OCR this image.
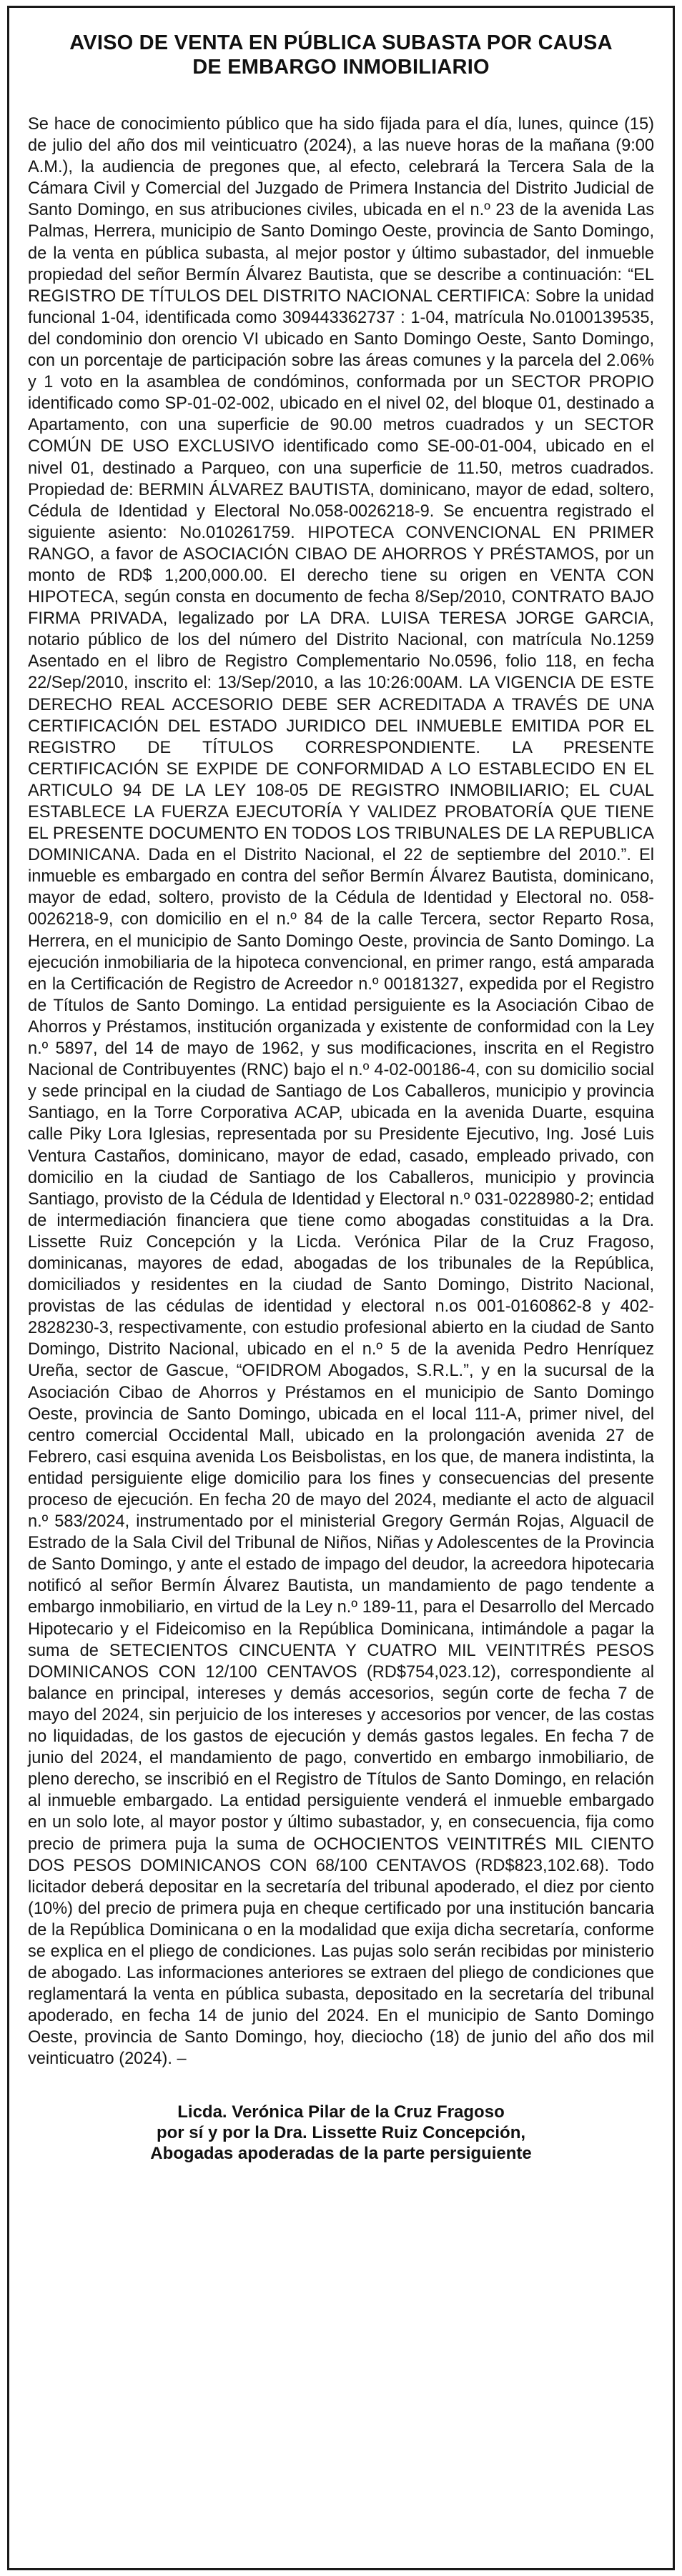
AVISO DE VENTA EN PÚBLICA SUBASTA POR CAUSA
DE EMBARGO INMOBILIARIO

Se hace de conocimiento público que ha sido fijada para el día, lunes, quince (15) de julio del año dos mil veinticuatro (2024), a las nueve horas de la mañana (9:00 A.M.), la audiencia de pregones que, al efecto, celebrará la Tercera Sala de la Cámara Civil y Comercial del Juzgado de Primera Instancia del Distrito Judicial de Santo Domingo, en sus atribuciones civiles, ubicada en el n.º 23 de la avenida Las Palmas, Herrera, municipio de Santo Domingo Oeste, provincia de Santo Domingo, de la venta en pública subasta, al mejor postor y último subastador, del inmueble propiedad del señor Bermín Álvarez Bautista, que se describe a continuación: “EL REGISTRO DE TÍTULOS DEL DISTRITO NACIONAL CERTIFICA: Sobre la unidad funcional 1-04, identificada como 309443362737 : 1-04, matrícula No.0100139535, del condominio don orencio VI ubicado en Santo Domingo Oeste, Santo Domingo, con un porcentaje de participación sobre las áreas comunes y la parcela del 2.06% y 1 voto en la asamblea de condóminos, conformada por un SECTOR PROPIO identificado como SP-01-02-002, ubicado en el nivel 02, del bloque 01, destinado a Apartamento, con una superficie de 90.00 metros cuadrados y un SECTOR COMÚN DE USO EXCLUSIVO identificado como SE-00-01-004, ubicado en el nivel 01, destinado a Parqueo, con una superficie de 11.50, metros cuadrados. Propiedad de: BERMIN ÁLVAREZ BAUTISTA, dominicano, mayor de edad, soltero, Cédula de Identidad y Electoral No.058-0026218-9. Se encuentra registrado el siguiente asiento: No.010261759. HIPOTECA CONVENCIONAL EN PRIMER RANGO, a favor de ASOCIACIÓN CIBAO DE AHORROS Y PRÉSTAMOS, por un monto de RD$ 1,200,000.00. El derecho tiene su origen en VENTA CON HIPOTECA, según consta en documento de fecha 8/Sep/2010, CONTRATO BAJO FIRMA PRIVADA, legalizado por LA DRA. LUISA TERESA JORGE GARCIA, notario público de los del número del Distrito Nacional, con matrícula No.1259 Asentado en el libro de Registro Complementario No.0596, folio 118, en fecha 22/Sep/2010, inscrito el: 13/Sep/2010, a las 10:26:00AM. LA VIGENCIA DE ESTE DERECHO REAL ACCESORIO DEBE SER ACREDITADA A TRAVÉS DE UNA CERTIFICACIÓN DEL ESTADO JURIDICO DEL INMUEBLE EMITIDA POR EL REGISTRO DE TÍTULOS CORRESPONDIENTE. LA PRESENTE CERTIFICACIÓN SE EXPIDE DE CONFORMIDAD A LO ESTABLECIDO EN EL ARTICULO 94 DE LA LEY 108-05 DE REGISTRO INMOBILIARIO; EL CUAL ESTABLECE LA FUERZA EJECUTORÍA Y VALIDEZ PROBATORÍA QUE TIENE EL PRESENTE DOCUMENTO EN TODOS LOS TRIBUNALES DE LA REPUBLICA DOMINICANA. Dada en el Distrito Nacional, el 22 de septiembre del 2010.”. El inmueble es embargado en contra del señor Bermín Álvarez Bautista, dominicano, mayor de edad, soltero, provisto de la Cédula de Identidad y Electoral no. 058-0026218-9, con domicilio en el n.º 84 de la calle Tercera, sector Reparto Rosa, Herrera, en el municipio de Santo Domingo Oeste, provincia de Santo Domingo. La ejecución inmobiliaria de la hipoteca convencional, en primer rango, está amparada en la Certificación de Registro de Acreedor n.º 00181327, expedida por el Registro de Títulos de Santo Domingo. La entidad persiguiente es la Asociación Cibao de Ahorros y Préstamos, institución organizada y existente de conformidad con la Ley n.º 5897, del 14 de mayo de 1962, y sus modificaciones, inscrita en el Registro Nacional de Contribuyentes (RNC) bajo el n.º 4-02-00186-4, con su domicilio social y sede principal en la ciudad de Santiago de Los Caballeros, municipio y provincia Santiago, en la Torre Corporativa ACAP, ubicada en la avenida Duarte, esquina calle Piky Lora Iglesias, representada por su Presidente Ejecutivo, Ing. José Luis Ventura Castaños, dominicano, mayor de edad, casado, empleado privado, con domicilio en la ciudad de Santiago de los Caballeros, municipio y provincia Santiago, provisto de la Cédula de Identidad y Electoral n.º 031-0228980-2; entidad de intermediación financiera que tiene como abogadas constituidas a la Dra. Lissette Ruiz Concepción y la Licda. Verónica Pilar de la Cruz Fragoso, dominicanas, mayores de edad, abogadas de los tribunales de la República, domiciliados y residentes en la ciudad de Santo Domingo, Distrito Nacional, provistas de las cédulas de identidad y electoral n.os 001-0160862-8 y 402-2828230-3, respectivamente, con estudio profesional abierto en la ciudad de Santo Domingo, Distrito Nacional, ubicado en el n.º 5 de la avenida Pedro Henríquez Ureña, sector de Gascue, “OFIDROM Abogados, S.R.L.”, y en la sucursal de la Asociación Cibao de Ahorros y Préstamos en el municipio de Santo Domingo Oeste, provincia de Santo Domingo, ubicada en el local 111-A, primer nivel, del centro comercial Occidental Mall, ubicado en la prolongación avenida 27 de Febrero, casi esquina avenida Los Beisbolistas, en los que, de manera indistinta, la entidad persiguiente elige domicilio para los fines y consecuencias del presente proceso de ejecución. En fecha 20 de mayo del 2024, mediante el acto de alguacil n.º 583/2024, instrumentado por el ministerial Gregory Germán Rojas, Alguacil de Estrado de la Sala Civil del Tribunal de Niños, Niñas y Adolescentes de la Provincia de Santo Domingo, y ante el estado de impago del deudor, la acreedora hipotecaria notificó al señor Bermín Álvarez Bautista, un mandamiento de pago tendente a embargo inmobiliario, en virtud de la Ley n.º 189-11, para el Desarrollo del Mercado Hipotecario y el Fideicomiso en la República Dominicana, intimándole a pagar la suma de SETECIENTOS CINCUENTA Y CUATRO MIL VEINTITRÉS PESOS DOMINICANOS CON 12/100 CENTAVOS (RD$754,023.12), correspondiente al balance en principal, intereses y demás accesorios, según corte de fecha 7 de mayo del 2024, sin perjuicio de los intereses y accesorios por vencer, de las costas no liquidadas, de los gastos de ejecución y demás gastos legales. En fecha 7 de junio del 2024, el mandamiento de pago, convertido en embargo inmobiliario, de pleno derecho, se inscribió en el Registro de Títulos de Santo Domingo, en relación al inmueble embargado. La entidad persiguiente venderá el inmueble embargado en un solo lote, al mayor postor y último subastador, y, en consecuencia, fija como precio de primera puja la suma de OCHOCIENTOS VEINTITRÉS MIL CIENTO DOS PESOS DOMINICANOS CON 68/100 CENTAVOS (RD$823,102.68). Todo licitador deberá depositar en la secretaría del tribunal apoderado, el diez por ciento (10%) del precio de primera puja en cheque certificado por una institución bancaria de la República Dominicana o en la modalidad que exija dicha secretaría, conforme se explica en el pliego de condiciones. Las pujas solo serán recibidas por ministerio de abogado. Las informaciones anteriores se extraen del pliego de condiciones que reglamentará la venta en pública subasta, depositado en la secretaría del tribunal apoderado, en fecha 14 de junio del 2024. En el municipio de Santo Domingo Oeste, provincia de Santo Domingo, hoy, dieciocho (18) de junio del año dos mil veinticuatro (2024). –

Licda. Verónica Pilar de la Cruz Fragoso
por sí y por la Dra. Lissette Ruiz Concepción,
Abogadas apoderadas de la parte persiguiente
